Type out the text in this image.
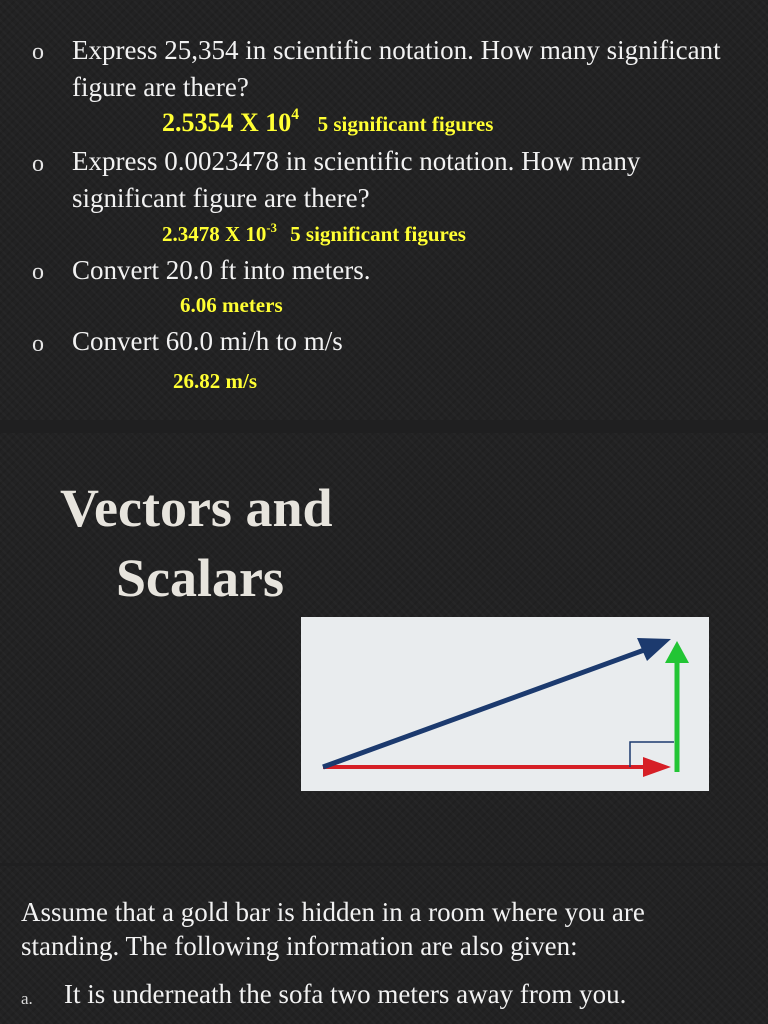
o Express 25,354 in scientific notation. How many significant figure are there?
2.5354 X $10^4$ 5 significant figures
o Express 0.0023478 in scientific notation. How many significant figure are there?
2.3478 X $10^{-3}$ 5 significant figures
o Convert 20.0 ft into meters.
6.06 meters
o Convert 60.0 mi/h to m/s
26.82 m/s
Vectors and
Scalars
Assume that a gold bar is hidden in a room where you are standing. The following information are also given:
a. It is underneath the sofa two meters away from you.
